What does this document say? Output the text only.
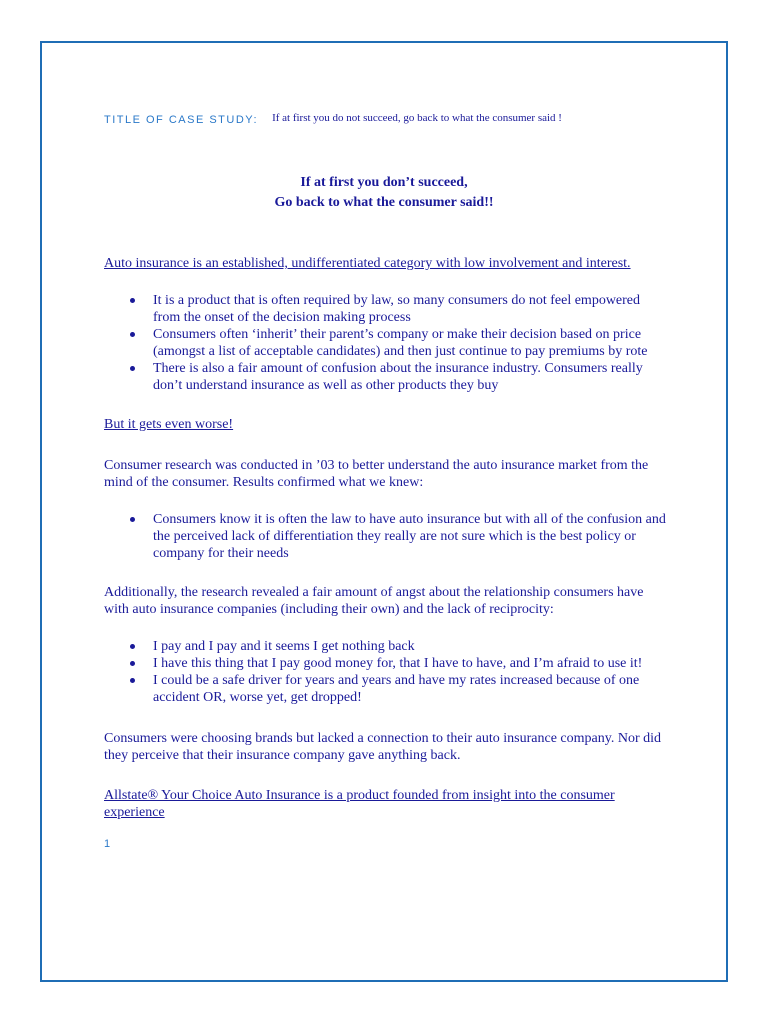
TITLE OF CASE STUDY: If at first you do not succeed, go back to what the consumer said !
If at first you don’t succeed,
Go back to what the consumer said!!
Auto insurance is an established, undifferentiated category with low involvement and interest.
It is a product that is often required by law, so many consumers do not feel empowered from the onset of the decision making process
Consumers often ‘inherit’ their parent’s company or make their decision based on price (amongst a list of acceptable candidates) and then just continue to pay premiums by rote
There is also a fair amount of confusion about the insurance industry. Consumers really don’t understand insurance as well as other products they buy
But it gets even worse!
Consumer research was conducted in ’03 to better understand the auto insurance market from the mind of the consumer. Results confirmed what we knew:
Consumers know it is often the law to have auto insurance but with all of the confusion and the perceived lack of differentiation they really are not sure which is the best policy or company for their needs
Additionally, the research revealed a fair amount of angst about the relationship consumers have with auto insurance companies (including their own) and the lack of reciprocity:
I pay and I pay and it seems I get nothing back
I have this thing that I pay good money for, that I have to have, and I’m afraid to use it!
I could be a safe driver for years and years and have my rates increased because of one accident OR, worse yet, get dropped!
Consumers were choosing brands but lacked a connection to their auto insurance company. Nor did they perceive that their insurance company gave anything back.
Allstate® Your Choice Auto Insurance is a product founded from insight into the consumer experience
1
